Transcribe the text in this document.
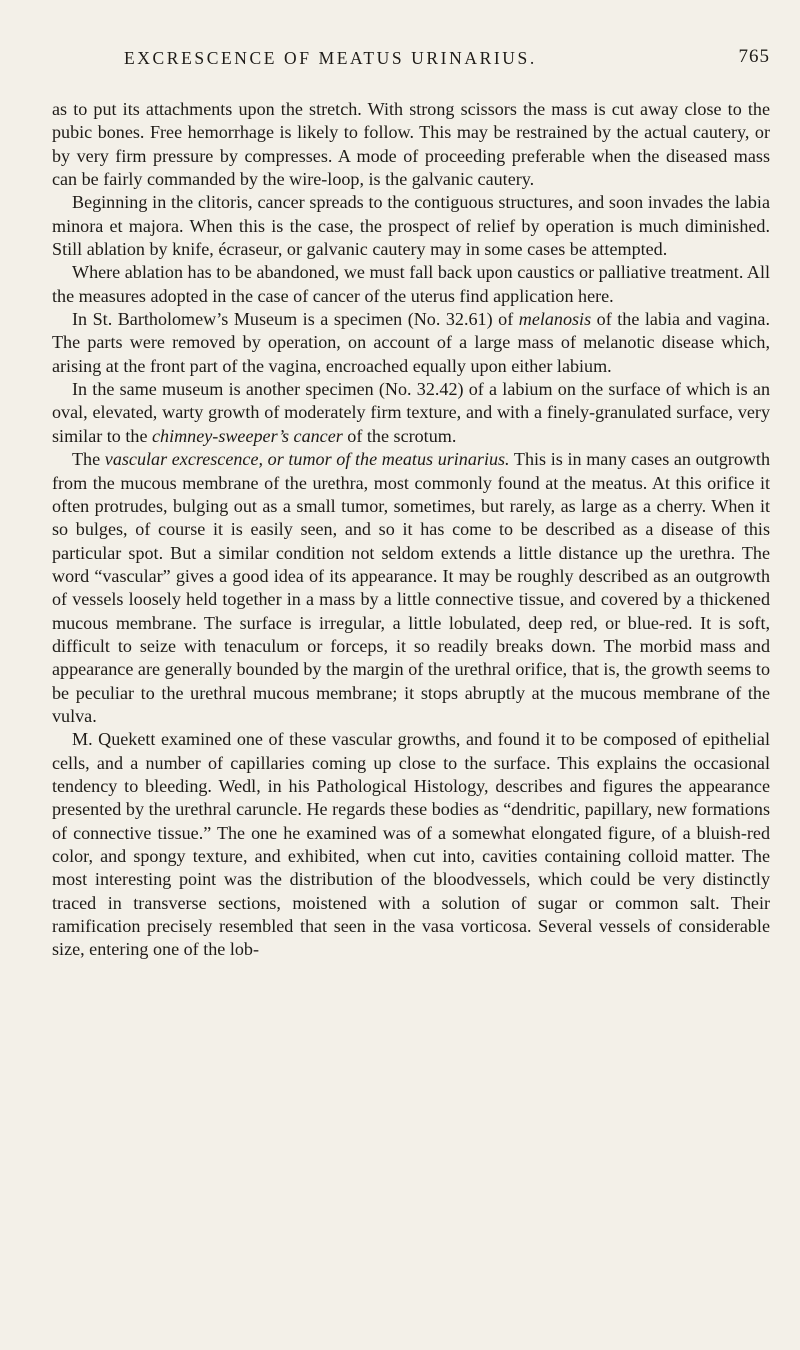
EXCRESCENCE OF MEATUS URINARIUS.	765

as to put its attachments upon the stretch. With strong scissors the mass is cut away close to the pubic bones. Free hemorrhage is likely to follow. This may be restrained by the actual cautery, or by very firm pressure by compresses. A mode of proceeding preferable when the diseased mass can be fairly commanded by the wire-loop, is the galvanic cautery.

Beginning in the clitoris, cancer spreads to the contiguous structures, and soon invades the labia minora et majora. When this is the case, the prospect of relief by operation is much diminished. Still ablation by knife, écraseur, or galvanic cautery may in some cases be attempted.

Where ablation has to be abandoned, we must fall back upon caustics or palliative treatment. All the measures adopted in the case of cancer of the uterus find application here.

In St. Bartholomew’s Museum is a specimen (No. 32.61) of melanosis of the labia and vagina. The parts were removed by operation, on account of a large mass of melanotic disease which, arising at the front part of the vagina, encroached equally upon either labium.

In the same museum is another specimen (No. 32.42) of a labium on the surface of which is an oval, elevated, warty growth of moderately firm texture, and with a finely-granulated surface, very similar to the chimney-sweeper’s cancer of the scrotum.

The vascular excrescence, or tumor of the meatus urinarius. This is in many cases an outgrowth from the mucous membrane of the urethra, most commonly found at the meatus. At this orifice it often protrudes, bulging out as a small tumor, sometimes, but rarely, as large as a cherry. When it so bulges, of course it is easily seen, and so it has come to be described as a disease of this particular spot. But a similar condition not seldom extends a little distance up the urethra. The word “vascular” gives a good idea of its appearance. It may be roughly described as an outgrowth of vessels loosely held together in a mass by a little connective tissue, and covered by a thickened mucous membrane. The surface is irregular, a little lobulated, deep red, or blue-red. It is soft, difficult to seize with tenaculum or forceps, it so readily breaks down. The morbid mass and appearance are generally bounded by the margin of the urethral orifice, that is, the growth seems to be peculiar to the urethral mucous membrane; it stops abruptly at the mucous membrane of the vulva.

M. Quekett examined one of these vascular growths, and found it to be composed of epithelial cells, and a number of capillaries coming up close to the surface. This explains the occasional tendency to bleeding. Wedl, in his Pathological Histology, describes and figures the appearance presented by the urethral caruncle. He regards these bodies as “dendritic, papillary, new formations of connective tissue.” The one he examined was of a somewhat elongated figure, of a bluish-red color, and spongy texture, and exhibited, when cut into, cavities containing colloid matter. The most interesting point was the distribution of the bloodvessels, which could be very distinctly traced in transverse sections, moistened with a solution of sugar or common salt. Their ramification precisely resembled that seen in the vasa vorticosa. Several vessels of considerable size, entering one of the lob-
